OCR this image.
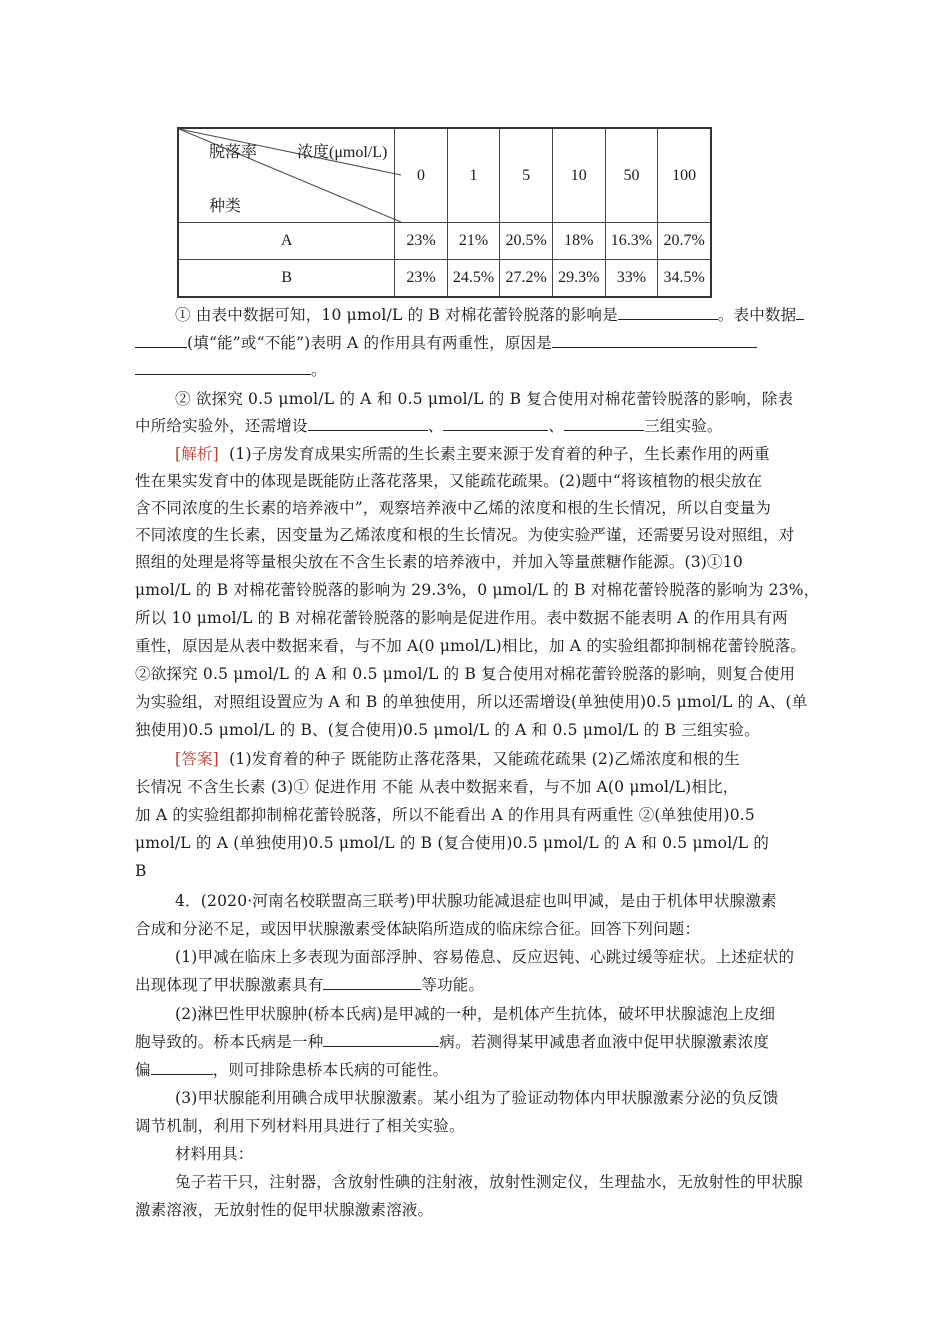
脱落率 浓度(μmol/L)
种类	0	1	5	10	50	100
A	23%	21%	20.5%	18%	16.3%	20.7%
B	23%	24.5%	27.2%	29.3%	33%	34.5%
① 由表中数据可知，10 μmol/L 的 B 对棉花蕾铃脱落的影响是	。表中数据
(填“能”或“不能”)表明 A 的作用具有两重性，原因是
。
② 欲探究 0.5 μmol/L 的 A 和 0.5 μmol/L 的 B 复合使用对棉花蕾铃脱落的影响，除表
中所给实验外，还需增设	、	、	三组实验。
[解析] (1)子房发育成果实所需的生长素主要来源于发育着的种子，生长素作用的两重
性在果实发育中的体现是既能防止落花落果，又能疏花疏果。(2)题中“将该植物的根尖放在
含不同浓度的生长素的培养液中”，观察培养液中乙烯的浓度和根的生长情况，所以自变量为
不同浓度的生长素，因变量为乙烯浓度和根的生长情况。为使实验严谨，还需要另设对照组，对
照组的处理是将等量根尖放在不含生长素的培养液中，并加入等量蔗糖作能源。(3)①10
μmol/L 的 B 对棉花蕾铃脱落的影响为 29.3%，0 μmol/L 的 B 对棉花蕾铃脱落的影响为 23%，
所以 10 μmol/L 的 B 对棉花蕾铃脱落的影响是促进作用。表中数据不能表明 A 的作用具有两
重性，原因是从表中数据来看，与不加 A(0 μmol/L)相比，加 A 的实验组都抑制棉花蕾铃脱落。
②欲探究 0.5 μmol/L 的 A 和 0.5 μmol/L 的 B 复合使用对棉花蕾铃脱落的影响，则复合使用
为实验组，对照组设置应为 A 和 B 的单独使用，所以还需增设(单独使用)0.5 μmol/L 的 A、(单
独使用)0.5 μmol/L 的 B、(复合使用)0.5 μmol/L 的 A 和 0.5 μmol/L 的 B 三组实验。
[答案] (1)发育着的种子 既能防止落花落果，又能疏花疏果 (2)乙烯浓度和根的生
长情况 不含生长素 (3)① 促进作用 不能 从表中数据来看，与不加 A(0 μmol/L)相比，
加 A 的实验组都抑制棉花蕾铃脱落，所以不能看出 A 的作用具有两重性 ②(单独使用)0.5
μmol/L 的 A (单独使用)0.5 μmol/L 的 B (复合使用)0.5 μmol/L 的 A 和 0.5 μmol/L 的
B
4．(2020·河南名校联盟高三联考)甲状腺功能减退症也叫甲减，是由于机体甲状腺激素
合成和分泌不足，或因甲状腺激素受体缺陷所造成的临床综合征。回答下列问题：
(1)甲减在临床上多表现为面部浮肿、容易倦息、反应迟钝、心跳过缓等症状。上述症状的
出现体现了甲状腺激素具有	等功能。
(2)淋巴性甲状腺肿(桥本氏病)是甲减的一种，是机体产生抗体，破坏甲状腺滤泡上皮细
胞导致的。桥本氏病是一种	病。若测得某甲减患者血液中促甲状腺激素浓度
偏	，则可排除患桥本氏病的可能性。
(3)甲状腺能利用碘合成甲状腺激素。某小组为了验证动物体内甲状腺激素分泌的负反馈
调节机制，利用下列材料用具进行了相关实验。
材料用具：
兔子若干只，注射器，含放射性碘的注射液，放射性测定仪，生理盐水，无放射性的甲状腺
激素溶液，无放射性的促甲状腺激素溶液。
